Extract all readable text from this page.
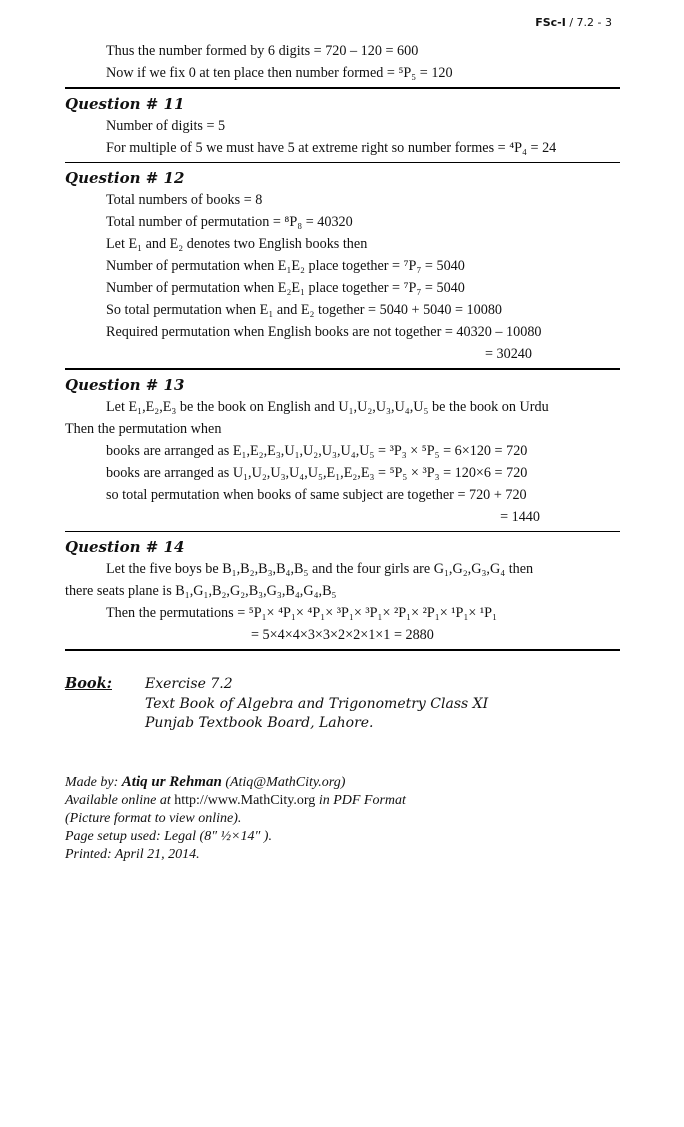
FSc-I / 7.2 - 3
Thus the number formed by 6 digits = 720 – 120 = 600
Now if we fix 0 at ten place then number formed = ⁵P₅ = 120
Question # 11
Number of digits = 5
For multiple of 5 we must have 5 at extreme right so number formes = ⁴P₄ = 24
Question # 12
Total numbers of books = 8
Total number of permutation = ⁸P₈ = 40320
Let E₁ and E₂ denotes two English books then
Number of permutation when E₁E₂ place together = ⁷P₇ = 5040
Number of permutation when E₂E₁ place together = ⁷P₇ = 5040
So total permutation when E₁ and E₂ together = 5040 + 5040 = 10080
Required permutation when English books are not together = 40320 – 10080
= 30240
Question # 13
Let E₁,E₂,E₃ be the book on English and U₁,U₂,U₃,U₄,U₅ be the book on Urdu
Then the permutation when
books are arranged as E₁,E₂,E₃,U₁,U₂,U₃,U₄,U₅ = ³P₃ × ⁵P₅ = 6×120 = 720
books are arranged as U₁,U₂,U₃,U₄,U₅,E₁,E₂,E₃ = ⁵P₅ × ³P₃ = 120×6 = 720
so total permutation when books of same subject are together = 720 + 720
= 1440
Question # 14
Let the five boys be B₁,B₂,B₃,B₄,B₅ and the four girls are G₁,G₂,G₃,G₄ then
there seats plane is B₁,G₁,B₂,G₂,B₃,G₃,B₄,G₄,B₅
Then the permutations = ⁵P₁× ⁴P₁× ⁴P₁× ³P₁× ³P₁× ²P₁× ²P₁× ¹P₁× ¹P₁
= 5×4×4×3×3×2×2×1×1 = 2880
Book: Exercise 7.2
Text Book of Algebra and Trigonometry Class XI
Punjab Textbook Board, Lahore.
Made by: Atiq ur Rehman (Atiq@MathCity.org)
Available online at http://www.MathCity.org in PDF Format
(Picture format to view online).
Page setup used: Legal (8″ ½×14″ ).
Printed: April 21, 2014.
